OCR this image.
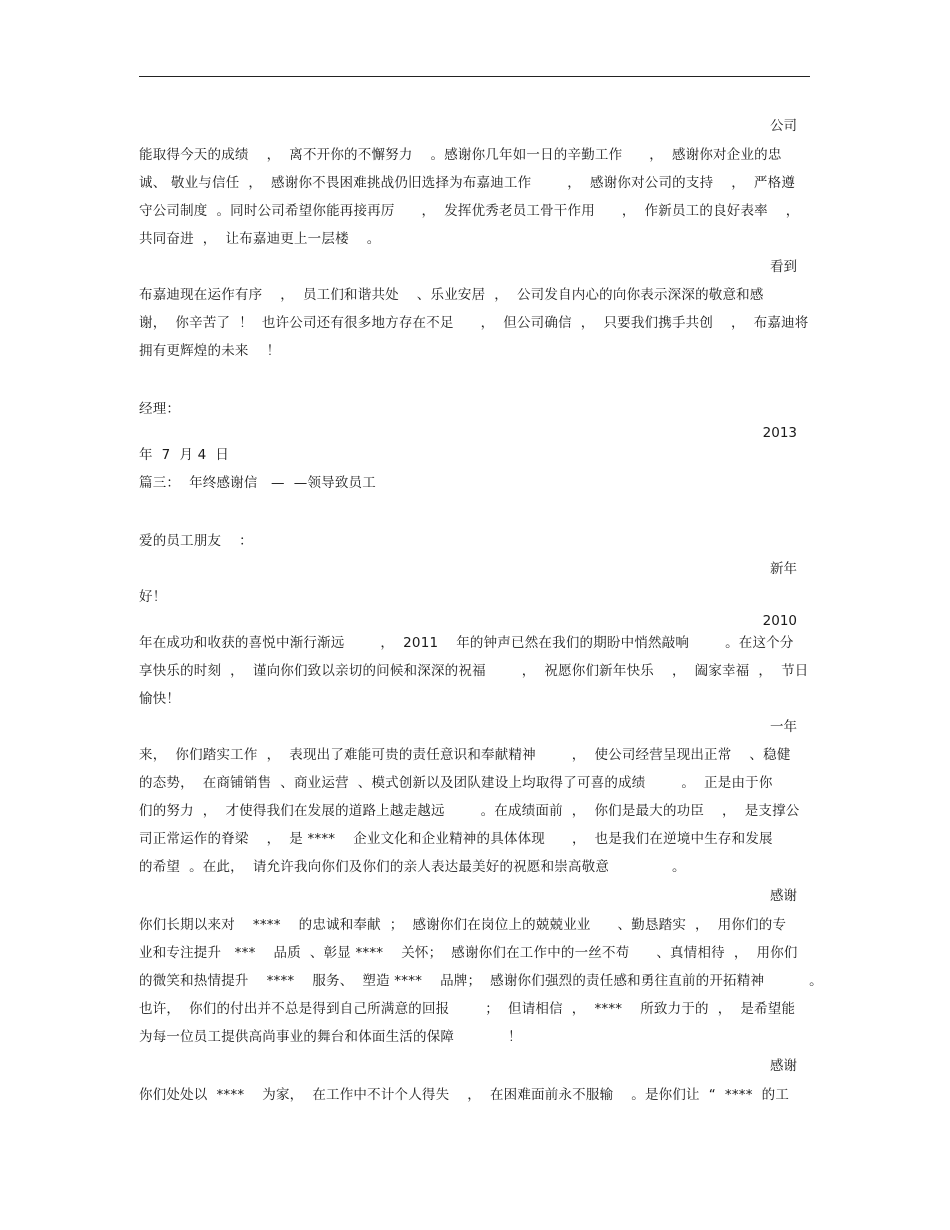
公司
能取得今天的成绩    ，  离不开你的不懈努力    。感谢你几年如一日的辛勤工作      ，  感谢你对企业的忠
诚、 敬业与信任  ，  感谢你不畏困难挑战仍旧选择为布嘉迪工作        ，  感谢你对公司的支持    ，  严格遵
守公司制度  。同时公司希望你能再接再厉      ，  发挥优秀老员工骨干作用      ，  作新员工的良好表率    ，
共同奋进  ，  让布嘉迪更上一层楼    。
看到
布嘉迪现在运作有序    ，  员工们和谐共处    、乐业安居  ，  公司发自内心的向你表示深深的敬意和感
谢，  你辛苦了  ！  也许公司还有很多地方存在不足      ，  但公司确信  ，  只要我们携手共创    ，  布嘉迪将
拥有更辉煌的未来    ！
经理：
2013
年  7  月 4  日
篇三：  年终感谢信   —  —领导致员工
爱的员工朋友    ：
新年
好！
2010
年在成功和收获的喜悦中渐行渐远        ，  2011    年的钟声已然在我们的期盼中悄然敲响        。在这个分
享快乐的时刻  ，  谨向你们致以亲切的问候和深深的祝福        ，  祝愿你们新年快乐    ，  阖家幸福  ，  节日
愉快！
一年
来，  你们踏实工作  ，  表现出了难能可贵的责任意识和奉献精神        ，  使公司经营呈现出正常    、稳健
的态势，  在商铺销售  、商业运营  、模式创新以及团队建设上均取得了可喜的成绩        。  正是由于你
们的努力  ，  才使得我们在发展的道路上越走越远        。在成绩面前  ，  你们是最大的功臣    ，  是支撑公
司正常运作的脊梁    ，  是 ****    企业文化和企业精神的具体体现      ，  也是我们在逆境中生存和发展
的希望  。在此，  请允许我向你们及你们的亲人表达最美好的祝愿和崇高敬意              。
感谢
你们长期以来对    ****    的忠诚和奉献  ；  感谢你们在岗位上的兢兢业业      、勤恳踏实  ，  用你们的专
业和专注提升   ***    品质  、彰显 ****    关怀；  感谢你们在工作中的一丝不苟      、真情相待  ，  用你们
的微笑和热情提升    ****    服务、  塑造 ****    品牌；  感谢你们强烈的责任感和勇往直前的开拓精神          。
也许，  你们的付出并不总是得到自己所满意的回报        ；  但请相信  ，  ****    所致力于的  ，  是希望能
为每一位员工提供高尚事业的舞台和体面生活的保障            ！
感谢
你们处处以  ****    为家，  在工作中不计个人得失    ，  在困难面前永不服输    。是你们让  “  ****  的工
